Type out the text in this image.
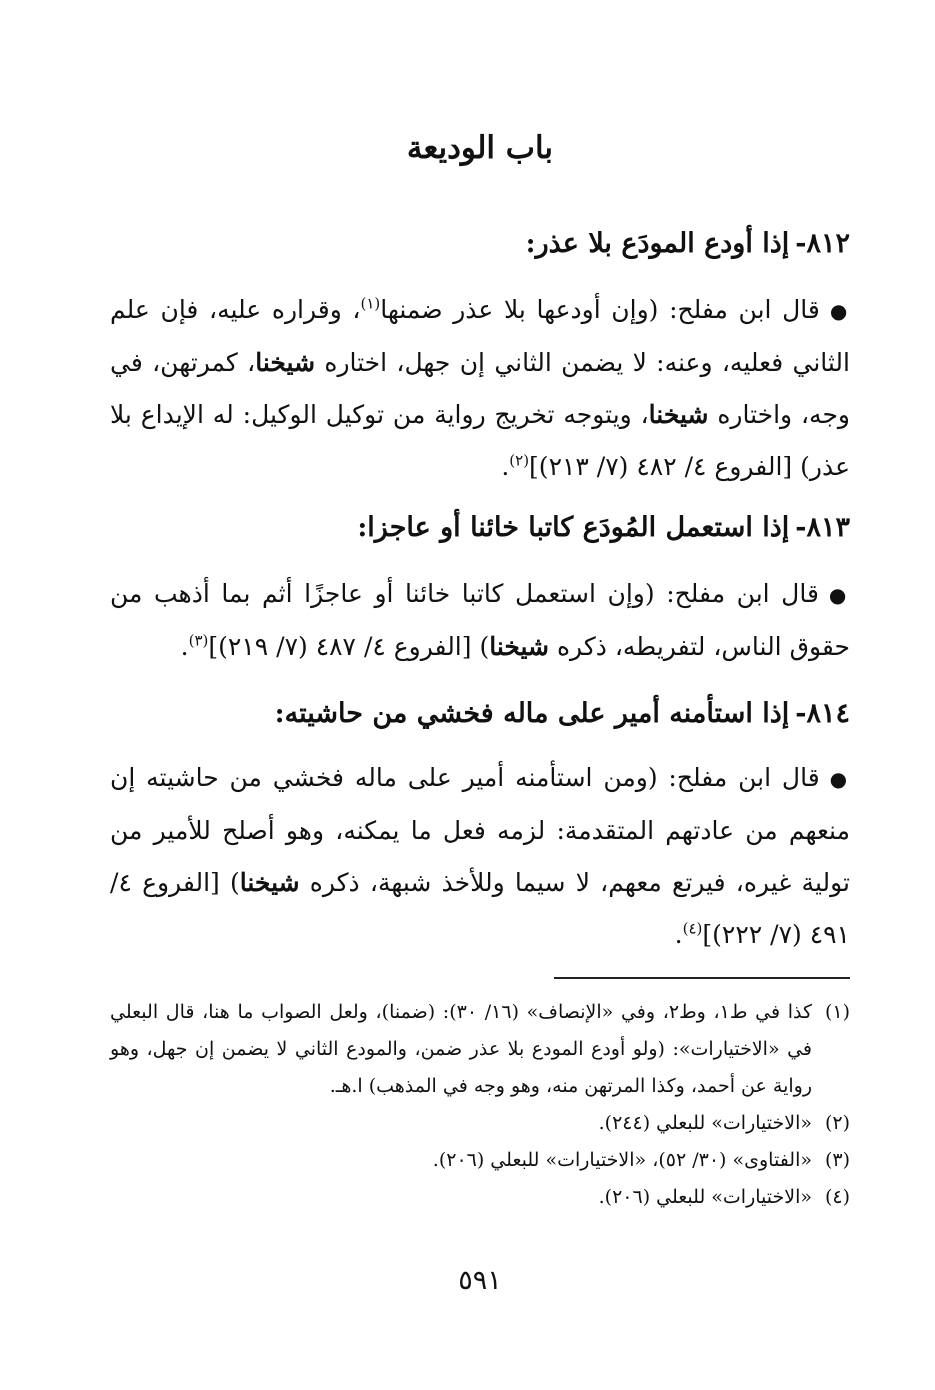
باب الوديعة
٨١٢-إذا أودع المودَع بلا عذر:
●قال ابن مفلح: (وإن أودعها بلا عذر ضمنها$^{(١)}$، وقراره عليه، فإن علم الثاني فعليه، وعنه: لا يضمن الثاني إن جهل، اختاره شيخنا، كمرتهن، في وجه، واختاره شيخنا، ويتوجه تخريج رواية من توكيل الوكيل: له الإيداع بلا عذر) [الفروع ٤/ ٤٨٢ (٧/ ٢١٣)]$^{(٢)}$.
٨١٣-إذا استعمل المُودَع كاتبا خائنا أو عاجزا:
●قال ابن مفلح: (وإن استعمل كاتبا خائنا أو عاجزًا أثم بما أذهب من حقوق الناس، لتفريطه، ذكره شيخنا) [الفروع ٤/ ٤٨٧ (٧/ ٢١٩)]$^{(٣)}$.
٨١٤-إذا استأمنه أمير على ماله فخشي من حاشيته:
●قال ابن مفلح: (ومن استأمنه أمير على ماله فخشي من حاشيته إن منعهم من عادتهم المتقدمة: لزمه فعل ما يمكنه، وهو أصلح للأمير من تولية غيره، فيرتع معهم، لا سيما وللأخذ شبهة، ذكره شيخنا) [الفروع ٤/ ٤٩١ (٧/ ٢٢٢)]$^{(٤)}$.
(١)
كذا في ط١، وط٢، وفي «الإنصاف» (١٦/ ٣٠): (ضمنا)، ولعل الصواب ما هنا، قال البعلي في «الاختيارات»: (ولو أودع المودع بلا عذر ضمن، والمودع الثاني لا يضمن إن جهل، وهو رواية عن أحمد، وكذا المرتهن منه، وهو وجه في المذهب) ا.هـ.
(٢)
«الاختيارات» للبعلي (٢٤٤).
(٣)
«الفتاوى» (٣٠/ ٥٢)، «الاختيارات» للبعلي (٢٠٦).
(٤)
«الاختيارات» للبعلي (٢٠٦).
٥٩١
